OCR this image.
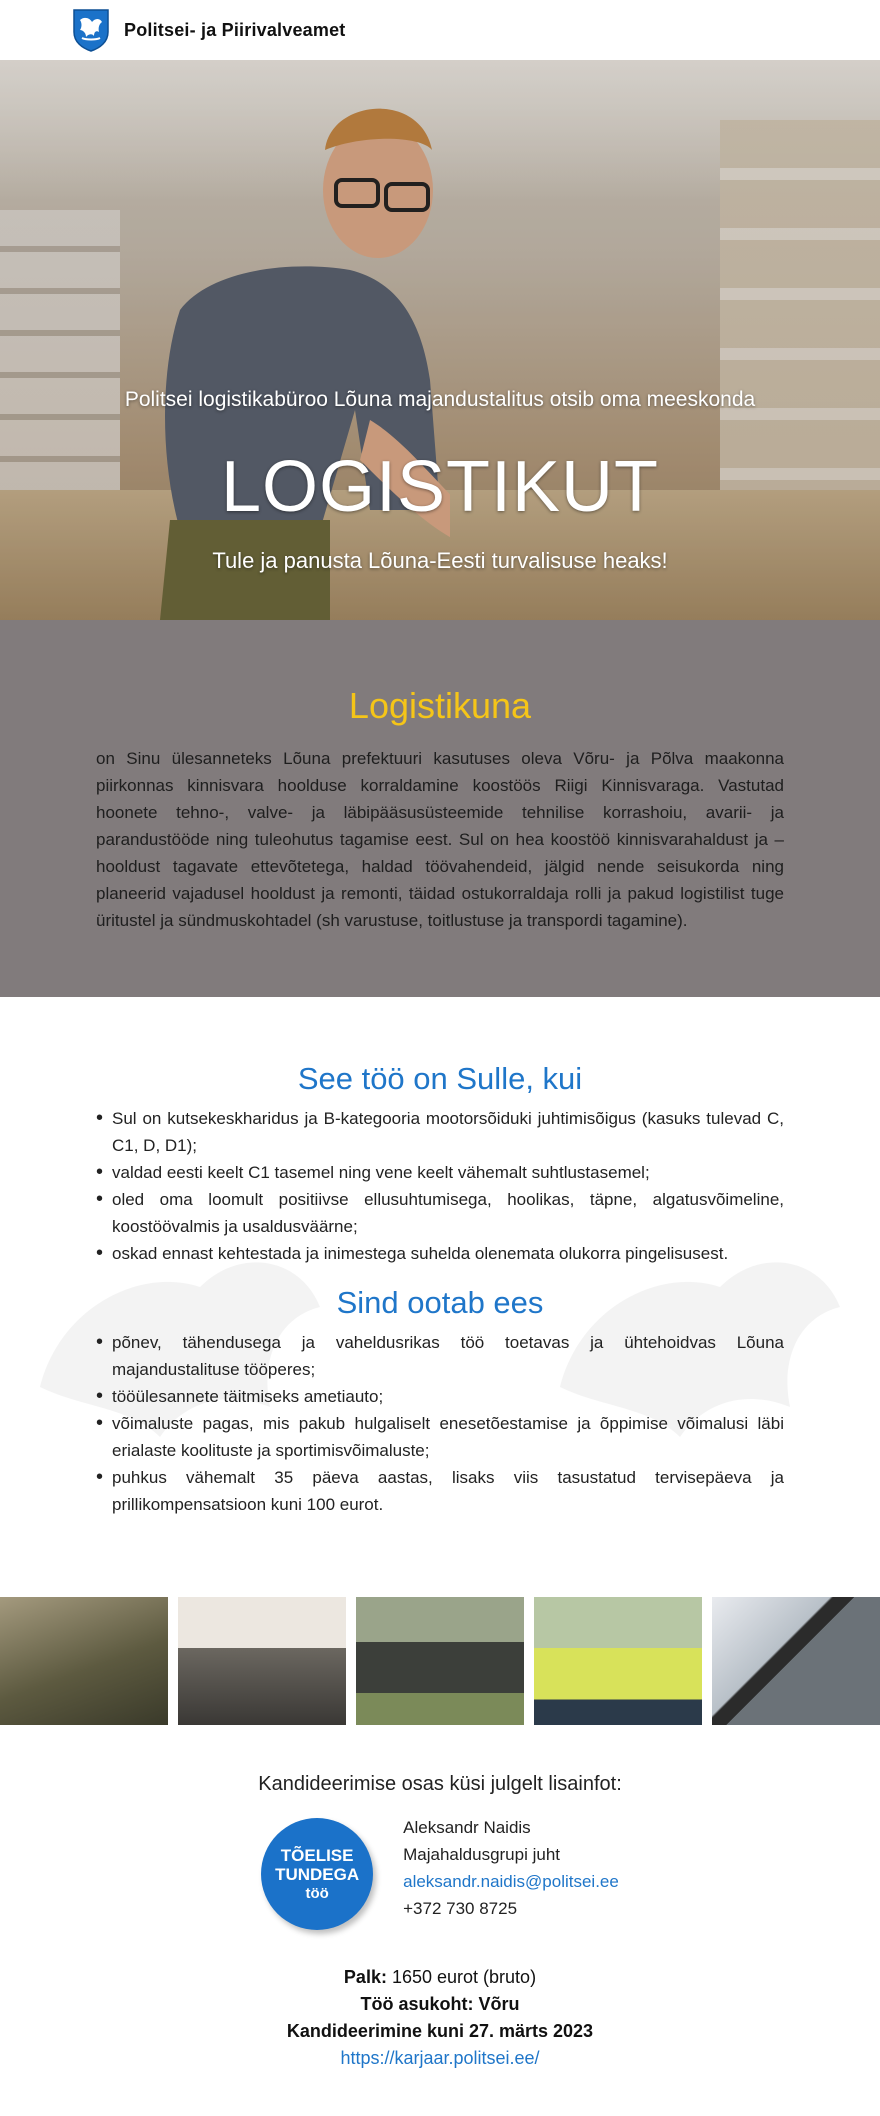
Politsei- ja Piirivalveamet
Politsei logistikabüroo Lõuna majandustalitus otsib oma meeskonda
LOGISTIKUT
Tule ja panusta Lõuna-Eesti turvalisuse heaks!
Logistikuna

on Sinu ülesanneteks Lõuna prefektuuri kasutuses oleva Võru- ja Põlva maakonna piirkonnas kinnisvara hoolduse korraldamine koostöös Riigi Kinnisvaraga. Vastutad hoonete tehno-, valve- ja läbipääsusüsteemide tehnilise korrashoiu, avarii- ja parandustööde ning tuleohutus tagamise eest. Sul on hea koostöö kinnisvarahaldust ja –hooldust tagavate ettevõtetega, haldad töövahendeid, jälgid nende seisukorda ning planeerid vajadusel hooldust ja remonti, täidad ostukorraldaja rolli ja pakud logistilist tuge üritustel ja sündmuskohtadel (sh varustuse, toitlustuse ja transpordi tagamine).

See töö on Sulle, kui
• Sul on kutsekeskharidus ja B-kategooria mootorsõiduki juhtimisõigus (kasuks tulevad C, C1, D, D1);
• valdad eesti keelt C1 tasemel ning vene keelt vähemalt suhtlustasemel;
• oled oma loomult positiivse ellusuhtumisega, hoolikas, täpne, algatusvõimeline, koostöövalmis ja usaldusväärne;
• oskad ennast kehtestada ja inimestega suhelda olenemata olukorra pingelisusest.
Sind ootab ees
• põnev, tähendusega ja vaheldusrikas töö toetavas ja ühtehoidvas Lõuna majandustalituse tööperes;
• tööülesannete täitmiseks ametiauto;
• võimaluste pagas, mis pakub hulgaliselt enesetõestamise ja õppimise võimalusi läbi erialaste koolituste ja sportimisvõimaluste;
• puhkus vähemalt 35 päeva aastas, lisaks viis tasustatud tervisepäeva ja prillikompensatsioon kuni 100 eurot.
Kandideerimise osas küsi julgelt lisainfot:
TÕELISE
TUNDEGA
töö
Aleksandr Naidis
Majahaldusgrupi juht
aleksandr.naidis@politsei.ee
+372 730 8725
Palk: 1650 eurot (bruto)
Töö asukoht: Võru
Kandideerimine kuni 27. märts 2023
https://karjaar.politsei.ee/
